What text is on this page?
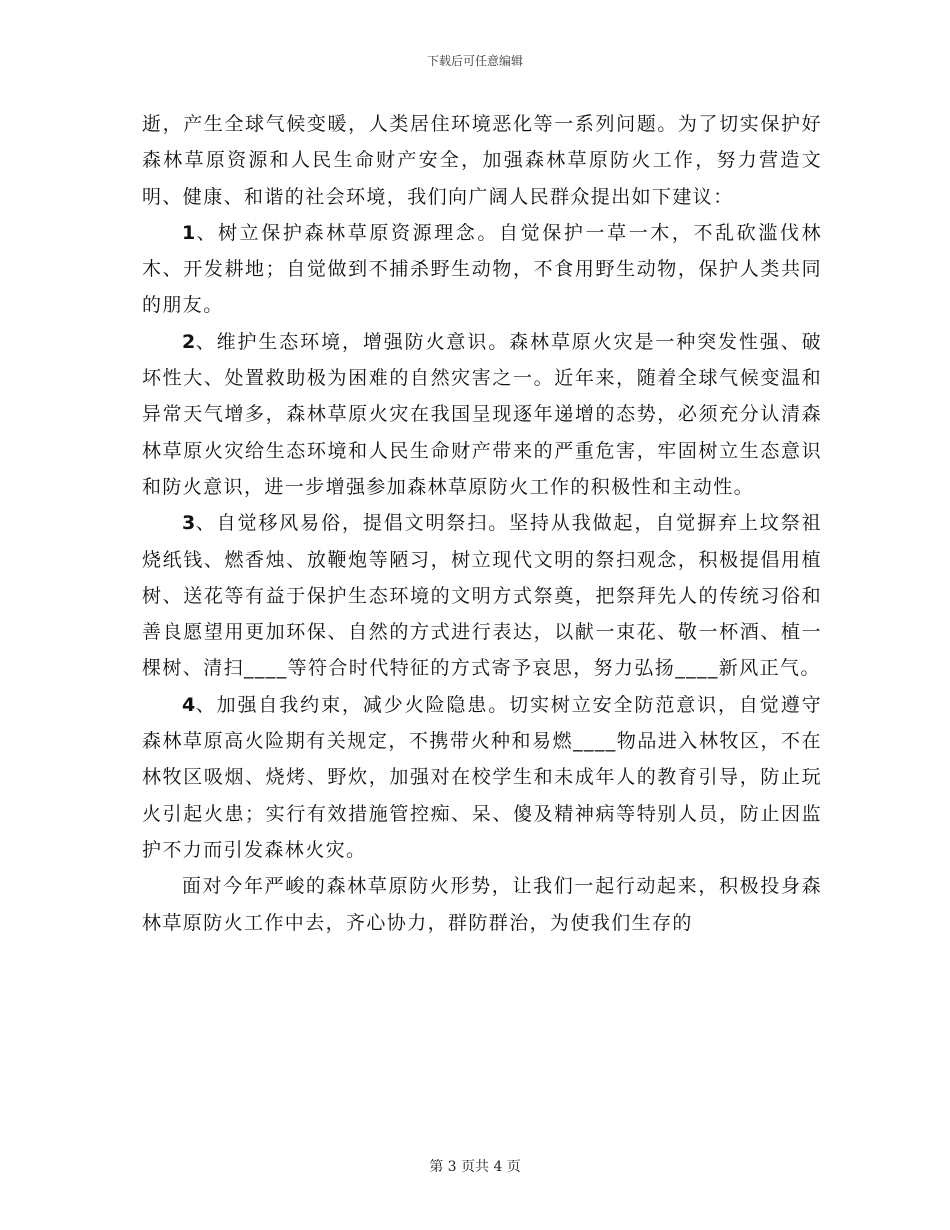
下载后可任意编辑

逝，产生全球气候变暖，人类居住环境恶化等一系列问题。为了切实保护好森林草原资源和人民生命财产安全，加强森林草原防火工作，努力营造文明、健康、和谐的社会环境，我们向广阔人民群众提出如下建议：

1、树立保护森林草原资源理念。自觉保护一草一木，不乱砍滥伐林木、开发耕地；自觉做到不捕杀野生动物，不食用野生动物，保护人类共同的朋友。

2、维护生态环境，增强防火意识。森林草原火灾是一种突发性强、破坏性大、处置救助极为困难的自然灾害之一。近年来，随着全球气候变温和异常天气增多，森林草原火灾在我国呈现逐年递增的态势，必须充分认清森林草原火灾给生态环境和人民生命财产带来的严重危害，牢固树立生态意识和防火意识，进一步增强参加森林草原防火工作的积极性和主动性。

3、自觉移风易俗，提倡文明祭扫。坚持从我做起，自觉摒弃上坟祭祖烧纸钱、燃香烛、放鞭炮等陋习，树立现代文明的祭扫观念，积极提倡用植树、送花等有益于保护生态环境的文明方式祭奠，把祭拜先人的传统习俗和善良愿望用更加环保、自然的方式进行表达，以献一束花、敬一杯酒、植一棵树、清扫____等符合时代特征的方式寄予哀思，努力弘扬____新风正气。

4、加强自我约束，减少火险隐患。切实树立安全防范意识，自觉遵守森林草原高火险期有关规定，不携带火种和易燃____物品进入林牧区，不在林牧区吸烟、烧烤、野炊，加强对在校学生和未成年人的教育引导，防止玩火引起火患；实行有效措施管控痴、呆、傻及精神病等特别人员，防止因监护不力而引发森林火灾。

面对今年严峻的森林草原防火形势，让我们一起行动起来，积极投身森林草原防火工作中去，齐心协力，群防群治，为使我们生存的

第 3 页共 4 页
